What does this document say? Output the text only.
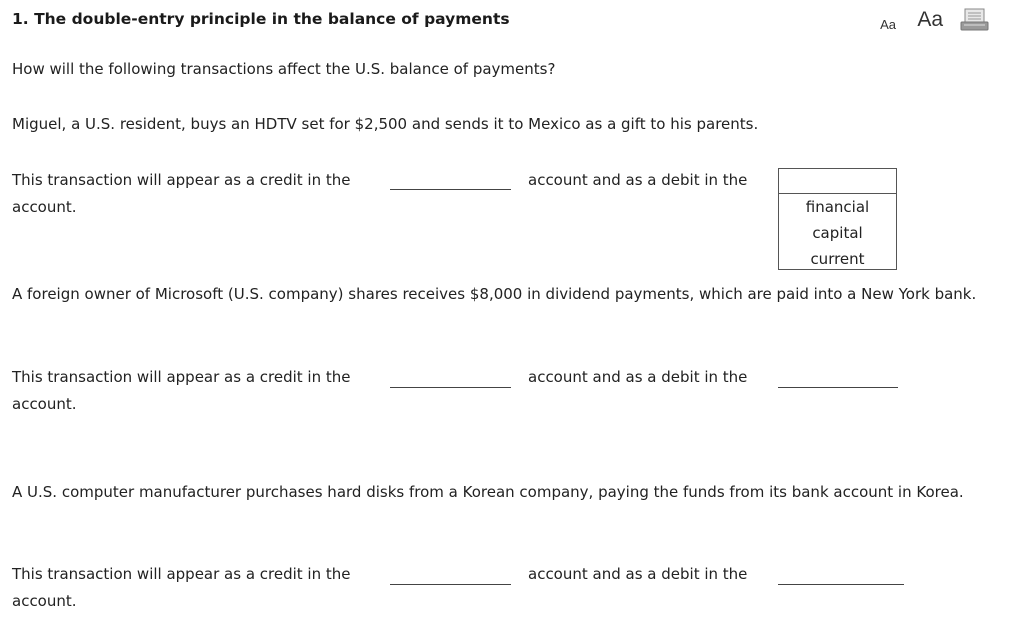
1. The double-entry principle in the balance of payments	Aa Aa
How will the following transactions affect the U.S. balance of payments?
Miguel, a U.S. resident, buys an HDTV set for $2,500 and sends it to Mexico as a gift to his parents.
This transaction will appear as a credit in the	account and as a debit in the
account.	financial
capital
current
A foreign owner of Microsoft (U.S. company) shares receives $8,000 in dividend payments, which are paid into a New York bank.
This transaction will appear as a credit in the	account and as a debit in the
account.
A U.S. computer manufacturer purchases hard disks from a Korean company, paying the funds from its bank account in Korea.
This transaction will appear as a credit in the	account and as a debit in the
account.
